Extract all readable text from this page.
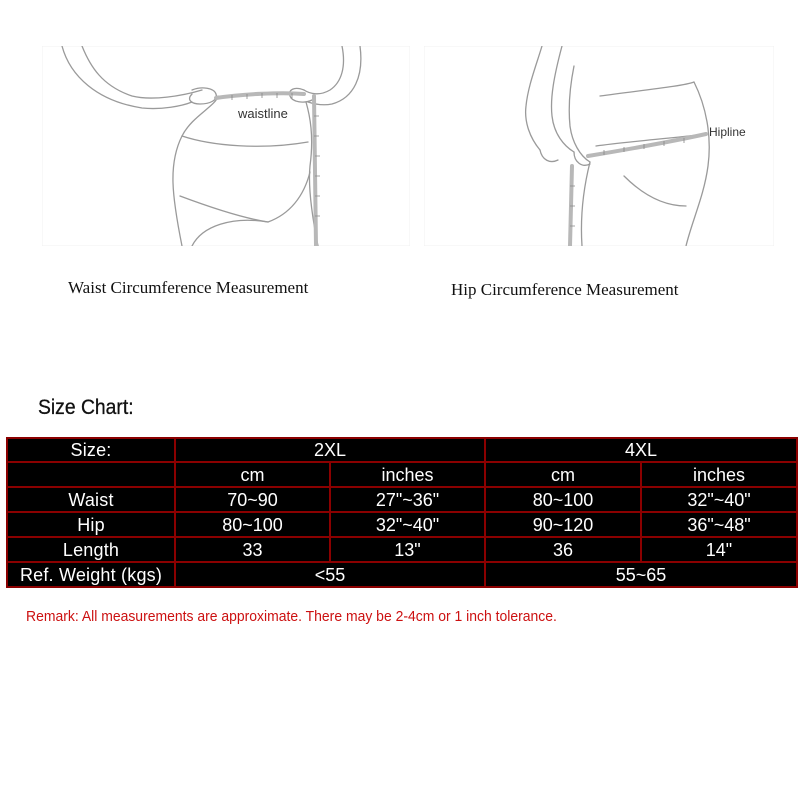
waistline
Hipline
Waist Circumference Measurement	Hip Circumference Measurement
Size Chart:
Size:	2XL		4XL	
	cm	inches	cm	inches
Waist	70~90	27"~36"	80~100	32"~40"
Hip	80~100	32"~40"	90~120	36"~48"
Length	33	13"	36	14"
Ref. Weight (kgs)	<55		55~65	
Remark: All measurements are approximate. There may be 2-4cm or 1 inch tolerance.
